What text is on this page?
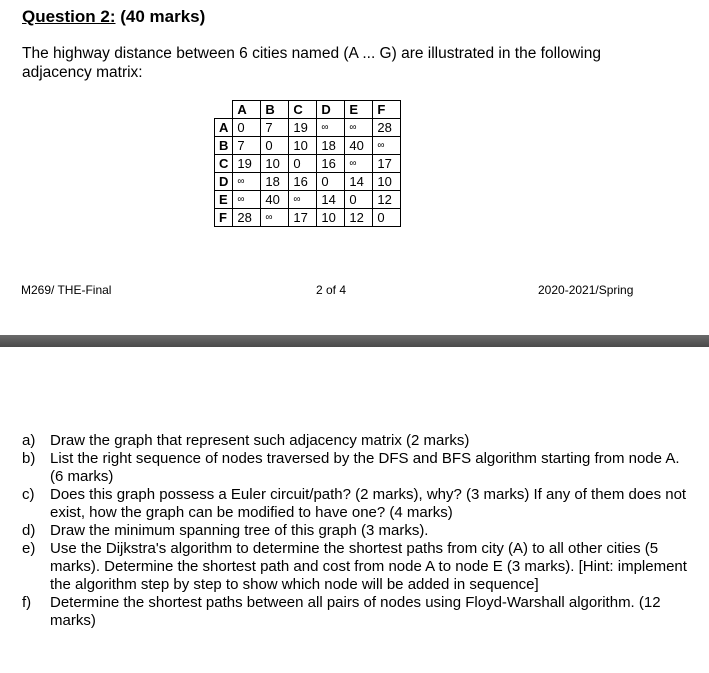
Question 2: (40 marks)
The highway distance between 6 cities named (A ... G) are illustrated in the following adjacency matrix:
	A	B	C	D	E	F
A	0	7	19	∞	∞	28
B	7	0	10	18	40	∞
C	19	10	0	16	∞	17
D	∞	18	16	0	14	10
E	∞	40	∞	14	0	12
F	28	∞	17	10	12	0
M269/ THE-Final	2 of 4	2020-2021/Spring
a) Draw the graph that represent such adjacency matrix (2 marks)
b) List the right sequence of nodes traversed by the DFS and BFS algorithm starting from node A. (6 marks)
c) Does this graph possess a Euler circuit/path? (2 marks), why? (3 marks) If any of them does not exist, how the graph can be modified to have one? (4 marks)
d) Draw the minimum spanning tree of this graph (3 marks).
e) Use the Dijkstra's algorithm to determine the shortest paths from city (A) to all other cities (5 marks). Determine the shortest path and cost from node A to node E (3 marks). [Hint: implement the algorithm step by step to show which node will be added in sequence]
f) Determine the shortest paths between all pairs of nodes using Floyd-Warshall algorithm. (12 marks)
